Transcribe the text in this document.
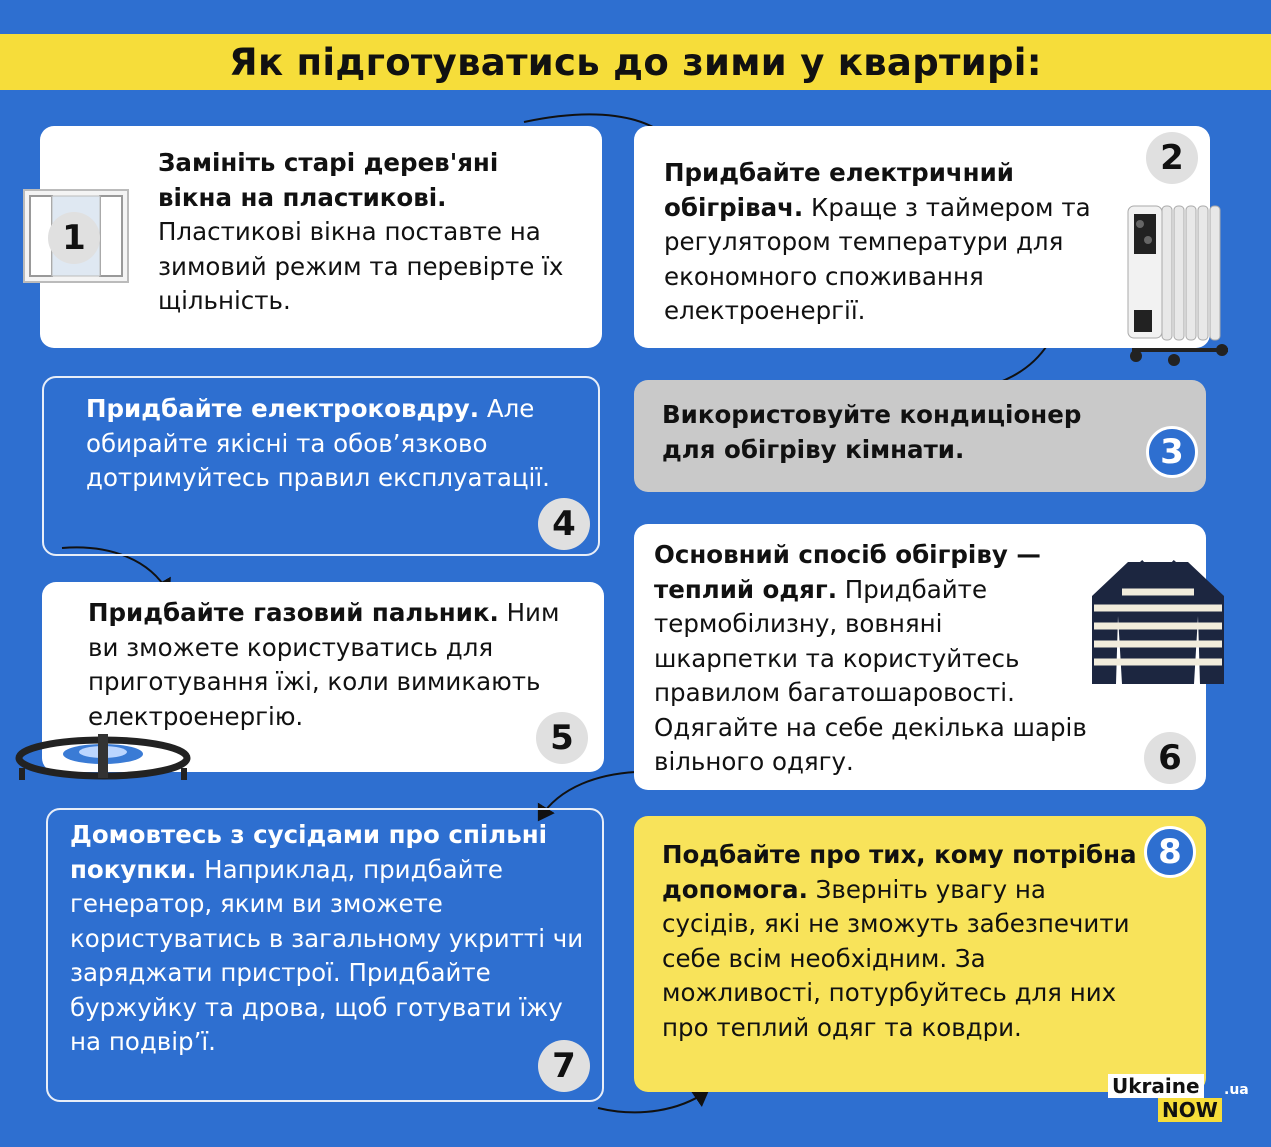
Як підготуватись до зими у квартирі:
Замініть старі дерев'яні вікна на пластикові. Пластикові вікна поставте на зимовий режим та перевірте їх щільність.
1
Придбайте електричний обігрівач. Краще з таймером та регулятором температури для економного споживання електроенергії.
2
Використовуйте кондиціонер для обігріву кімнати.	3
Придбайте електроковдру. Але обирайте якісні та обов’язково дотримуйтесь правил експлуатації.
4
Придбайте газовий пальник. Ним ви зможете користуватись для приготування їжі, коли вимикають електроенергію.
5
Основний спосіб обігріву — теплий одяг. Придбайте термобілизну, вовняні шкарпетки та користуйтесь правилом багатошаровості. Одягайте на себе декілька шарів вільного одягу.	6
Домовтесь з сусідами про спільні покупки. Наприклад, придбайте генератор, яким ви зможете користуватись в загальному укритті чи заряджати пристрої. Придбайте буржуйку та дрова, щоб готувати їжу на подвір’ї.
7
Подбайте про тих, кому потрібна допомога. Зверніть увагу на сусідів, які не зможуть забезпечити себе всім необхідним. За можливості, потурбуйтесь для них про теплий одяг та ковдри.
8
Ukraine
NOW
.ua
